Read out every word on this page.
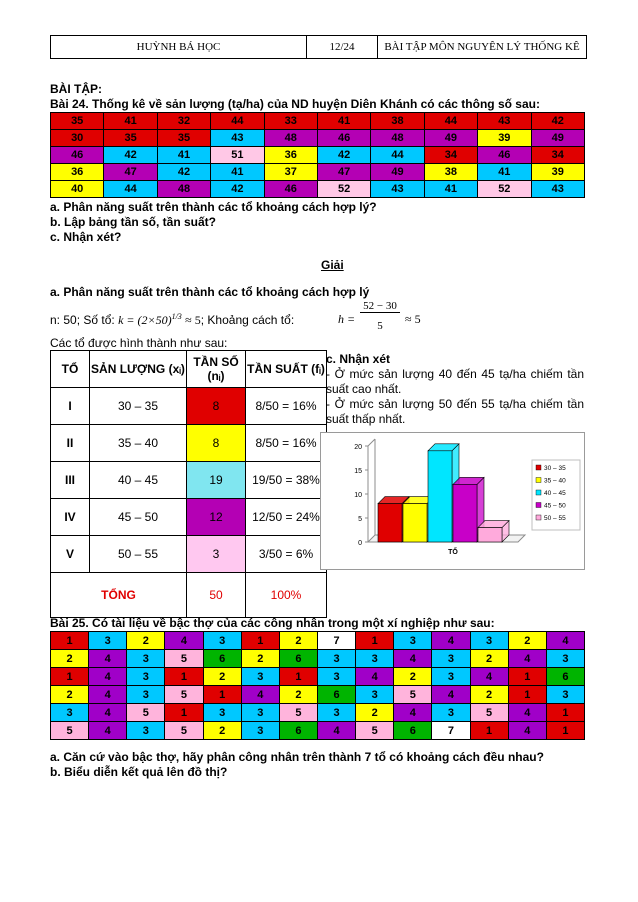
HUỲNH BÁ HỌC	12/24	BÀI TẬP MÔN NGUYÊN LÝ THỐNG KÊ
BÀI TẬP:
Bài 24. Thống kê về sản lượng (tạ/ha) của ND huyện Diên Khánh có các thông số sau:
35	41	32	44	33	41	38	44	43	42
30	35	35	43	48	46	48	49	39	49
46	42	41	51	36	42	44	34	46	34
36	47	42	41	37	47	49	38	41	39
40	44	48	42	46	52	43	41	52	43
a. Phân năng suất trên thành các tổ khoảng cách hợp lý?
b. Lập bảng tần số, tần suất?
c. Nhận xét?
Giải
a. Phân năng suất trên thành các tổ khoảng cách hợp lý
n: 50; Số tổ: $k = (2\times 50)^{1/3} \approx 5$; Khoảng cách tổ:	h =
52 − 30
5	≈ 5
Các tổ được hình thành như sau:
TỔ	SẢN LƯỢNG (xᵢ)	TẦN SỐ (nᵢ)	TẦN SUẤT (fᵢ)
I	30 – 35	8	8/50 = 16%
II	35 – 40	8	8/50 = 16%
III	40 – 45	19	19/50 = 38%
IV	45 – 50	12	12/50 = 24%
V	50 – 55	3	3/50 = 6%
TỔNG		50	100%
c. Nhận xét
- Ở mức sản lượng 40 đến 45 tạ/ha chiếm tần suất cao nhất.
- Ở mức sản lượng 50 đến 55 tạ/ha chiếm tần suất thấp nhất.
0
5
10
15
20
TỔ
30 – 35
35 – 40
40 – 45
45 – 50
50 – 55
Bài 25. Có tài liệu về bậc thợ của các công nhân trong một xí nghiệp như sau:
1	3	2	4	3	1	2	7	1	3	4	3	2	4
2	4	3	5	6	2	6	3	3	4	3	2	4	3
1	4	3	1	2	3	1	3	4	2	3	4	1	6
2	4	3	5	1	4	2	6	3	5	4	2	1	3
3	4	5	1	3	3	5	3	2	4	3	5	4	1
5	4	3	5	2	3	6	4	5	6	7	1	4	1
a. Căn cứ vào bậc thợ, hãy phân công nhân trên thành 7 tổ có khoảng cách đều nhau?
b. Biểu diễn kết quả lên đồ thị?
